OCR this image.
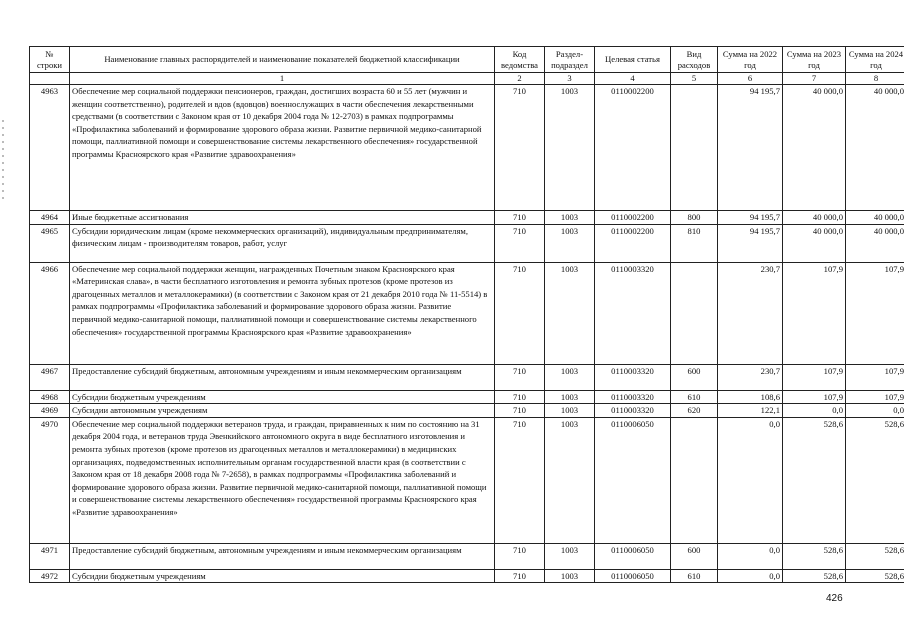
№ строки	Наименование главных распорядителей и наименование показателей бюджетной классификации	Код ведомства	Раздел-подраздел	Целевая статья	Вид расходов	Сумма на 2022 год	Сумма на 2023 год	Сумма на 2024 год
	1	2	3	4	5	6	7	8
4963	Обеспечение мер социальной поддержки пенсионеров, граждан, достигших возраста 60 и 55 лет (мужчин и женщин соответственно), родителей и вдов (вдовцов) военнослужащих в части обеспечения лекарственными средствами (в соответствии с Законом края от 10 декабря 2004 года № 12-2703) в рамках подпрограммы «Профилактика заболеваний и формирование здорового образа жизни. Развитие первичной медико-санитарной помощи, паллиативной помощи и совершенствование системы лекарственного обеспечения» государственной программы Красноярского края «Развитие здравоохранения»	710	1003	0110002200		94 195,7	40 000,0	40 000,0
4964	Иные бюджетные ассигнования	710	1003	0110002200	800	94 195,7	40 000,0	40 000,0
4965	Субсидии юридическим лицам (кроме некоммерческих организаций), индивидуальным предпринимателям, физическим лицам - производителям товаров, работ, услуг	710	1003	0110002200	810	94 195,7	40 000,0	40 000,0
4966	Обеспечение мер социальной поддержки женщин, награжденных Почетным знаком Красноярского края «Материнская слава», в части бесплатного изготовления и ремонта зубных протезов (кроме протезов из драгоценных металлов и металлокерамики) (в соответствии с Законом края от 21 декабря 2010 года № 11-5514) в рамках подпрограммы «Профилактика заболеваний и формирование здорового образа жизни. Развитие первичной медико-санитарной помощи, паллиативной помощи и совершенствование системы лекарственного обеспечения» государственной программы Красноярского края «Развитие здравоохранения»	710	1003	0110003320		230,7	107,9	107,9
4967	Предоставление субсидий бюджетным, автономным учреждениям и иным некоммерческим организациям	710	1003	0110003320	600	230,7	107,9	107,9
4968	Субсидии бюджетным учреждениям	710	1003	0110003320	610	108,6	107,9	107,9
4969	Субсидии автономным учреждениям	710	1003	0110003320	620	122,1	0,0	0,0
4970	Обеспечение мер социальной поддержки ветеранов труда, и граждан, приравненных к ним по состоянию на 31 декабря 2004 года, и ветеранов труда Эвенкийского автономного округа в виде бесплатного изготовления и ремонта зубных протезов (кроме протезов из драгоценных металлов и металлокерамики) в медицинских организациях, подведомственных исполнительным органам государственной власти края (в соответствии с Законом края от 18 декабря 2008 года № 7-2658), в рамках подпрограммы «Профилактика заболеваний и формирование здорового образа жизни. Развитие первичной медико-санитарной помощи, паллиативной помощи и совершенствование системы лекарственного обеспечения» государственной программы Красноярского края «Развитие здравоохранения»	710	1003	0110006050		0,0	528,6	528,6
4971	Предоставление субсидий бюджетным, автономным учреждениям и иным некоммерческим организациям	710	1003	0110006050	600	0,0	528,6	528,6
4972	Субсидии бюджетным учреждениям	710	1003	0110006050	610	0,0	528,6	528,6
426
